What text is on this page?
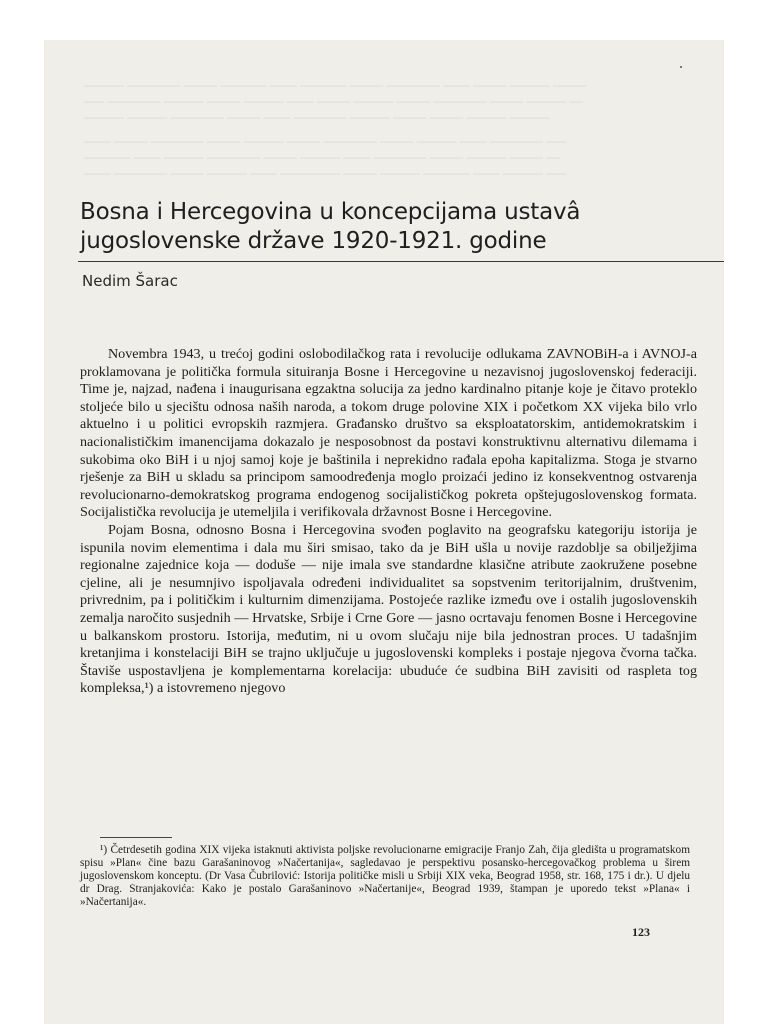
────── ──────── ───── ─────── ──── ─────── ───── ──────── ──── ───── ────── ─────
─── ──────── ────── ───── ────── ──── ───── ────── ───── ──────── ───── ────── ──
────── ────── ──────── ───── ──── ──────── ────── ───── ───── ────── ──────
──── ───── ──────── ───── ────── ───── ──────── ───── ────── ──── ──────── ───
─────── ──── ────── ──────── ───── ────── ──── ──────── ───── ────── ───── ──
──── ──────── ───── ────── ──── ───────── ───── ────── ─────── ──── ────── ───
Bosna i Hercegovina u koncepcijama ustavâ
jugoslovenske države 1920-1921. godine
Nedim Šarac

Novembra 1943, u trećoj godini oslobodilačkog rata i revolucije odlukama ZAVNOBiH-a i AVNOJ-a proklamovana je politička formula situiranja Bosne i Hercegovine u nezavisnoj jugoslovenskoj federaciji. Time je, najzad, nađena i inaugurisana egzaktna solucija za jedno kardinalno pitanje koje je čitavo proteklo stoljeće bilo u sjecištu odnosa naših naroda, a tokom druge polovine XIX i početkom XX vijeka bilo vrlo aktuelno i u politici evropskih razmjera. Građansko društvo sa eksploatatorskim, antidemokratskim i nacionalističkim imanencijama dokazalo je nesposobnost da postavi konstruktivnu alternativu dilemama i sukobima oko BiH i u njoj samoj koje je baštinila i neprekidno rađala epoha kapitalizma. Stoga je stvarno rješenje za BiH u skladu sa principom samoodređenja moglo proizaći jedino iz konsekventnog ostvarenja revolucionarno-demokratskog programa endogenog socijalističkog pokreta opštejugoslovenskog formata. Socijalistička revolucija je utemeljila i verifikovala državnost Bosne i Hercegovine.

Pojam Bosna, odnosno Bosna i Hercegovina svođen poglavito na geografsku kategoriju istorija je ispunila novim elementima i dala mu širi smisao, tako da je BiH ušla u novije razdoblje sa obilježjima regionalne zajednice koja — doduše — nije imala sve standardne klasične atribute zaokružene posebne cjeline, ali je nesumnjivo ispoljavala određeni individualitet sa sopstvenim teritorijalnim, društvenim, privrednim, pa i političkim i kulturnim dimenzijama. Postojeće razlike između ove i ostalih jugoslovenskih zemalja naročito susjednih — Hrvatske, Srbije i Crne Gore — jasno ocrtavaju fenomen Bosne i Hercegovine u balkanskom prostoru. Istorija, međutim, ni u ovom slučaju nije bila jednostran proces. U tadašnjim kretanjima i konstelaciji BiH se trajno uključuje u jugoslovenski kompleks i postaje njegova čvorna tačka. Štaviše uspostavljena je komplementarna korelacija: ubuduće će sudbina BiH zavisiti od raspleta tog kompleksa,¹) a istovremeno njegovo

¹) Četrdesetih godina XIX vijeka istaknuti aktivista poljske revolucionarne emigracije Franjo Zah, čija gledišta u programatskom spisu »Plan« čine bazu Garašaninovog »Načertanija«, sagledavao je perspektivu posansko-hercegovačkog problema u širem jugoslovenskom konceptu. (Dr Vasa Čubrilović: Istorija političke misli u Srbiji XIX veka, Beograd 1958, str. 168, 175 i dr.). U djelu dr Drag. Stranjakovića: Kako je postalo Garašaninovo »Načertanije«, Beograd 1939, štampan je uporedo tekst »Plana« i »Načertanija«.

123
